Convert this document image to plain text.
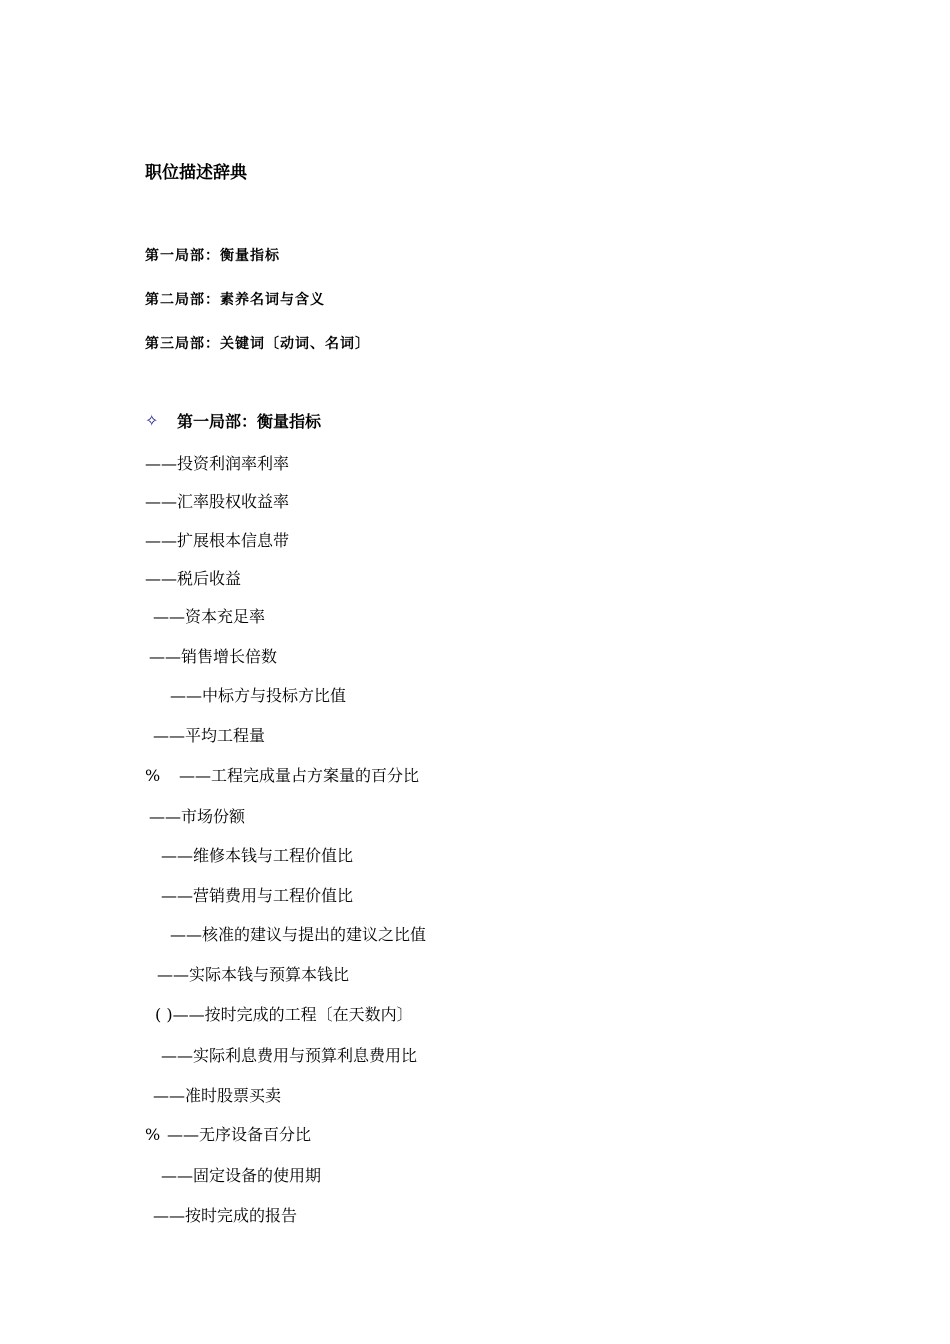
职位描述辞典
第一局部：衡量指标
第二局部：素养名词与含义
第三局部：关键词〔动词、名词〕
✧	第一局部：衡量指标
——投资利润率利率
——汇率股权收益率
——扩展根本信息带
——税后收益
——资本充足率
——销售增长倍数
——中标方与投标方比值
——平均工程量
% ——工程完成量占方案量的百分比
——市场份额
——维修本钱与工程价值比
——营销费用与工程价值比
——核准的建议与提出的建议之比值
——实际本钱与预算本钱比
( )——按时完成的工程〔在天数内〕
——实际利息费用与预算利息费用比
——准时股票买卖
% ——无序设备百分比
——固定设备的使用期
——按时完成的报告
